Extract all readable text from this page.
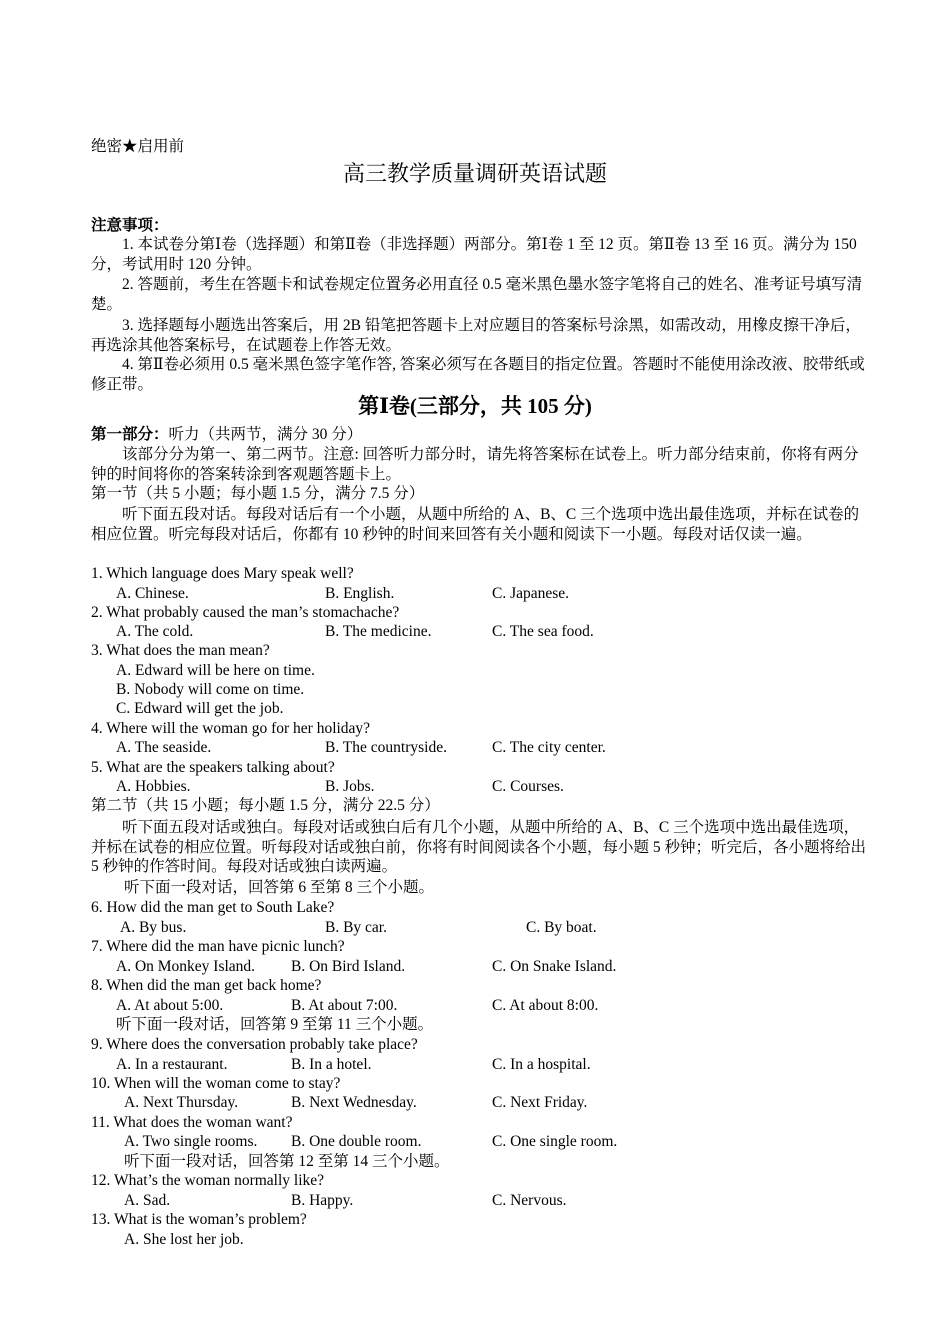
绝密★启用前
高三教学质量调研英语试题
注意事项：
1. 本试卷分第Ⅰ卷（选择题）和第Ⅱ卷（非选择题）两部分。第Ⅰ卷 1 至 12 页。第Ⅱ卷 13 至 16 页。满分为 150 分，考试用时 120 分钟。
2. 答题前，考生在答题卡和试卷规定位置务必用直径 0.5 毫米黑色墨水签字笔将自己的姓名、准考证号填写清楚。
3. 选择题每小题选出答案后，用 2B 铅笔把答题卡上对应题目的答案标号涂黑，如需改动，用橡皮擦干净后，再选涂其他答案标号，在试题卷上作答无效。
4. 第Ⅱ卷必须用 0.5 毫米黑色签字笔作答, 答案必须写在各题目的指定位置。答题时不能使用涂改液、胶带纸或修正带。
第Ⅰ卷(三部分，共 105 分)
第一部分：听力（共两节，满分 30 分）
该部分分为第一、第二两节。注意: 回答听力部分时，请先将答案标在试卷上。听力部分结束前，你将有两分钟的时间将你的答案转涂到客观题答题卡上。
第一节（共 5 小题；每小题 1.5 分，满分 7.5 分）
听下面五段对话。每段对话后有一个小题，从题中所给的 A、B、C 三个选项中选出最佳选项，并标在试卷的相应位置。听完每段对话后，你都有 10 秒钟的时间来回答有关小题和阅读下一小题。每段对话仅读一遍。
1. Which language does Mary speak well?
A. Chinese.	B. English.	C. Japanese.
2. What probably caused the man’s stomachache?
A. The cold.	B. The medicine.	C. The sea food.
3. What does the man mean?
A. Edward will be here on time.
B. Nobody will come on time.
C. Edward will get the job.
4. Where will the woman go for her holiday?
A. The seaside.	B. The countryside.	C. The city center.
5. What are the speakers talking about?
A. Hobbies.	B. Jobs.	C. Courses.
第二节（共 15 小题；每小题 1.5 分，满分 22.5 分）
听下面五段对话或独白。每段对话或独白后有几个小题，从题中所给的 A、B、C 三个选项中选出最佳选项，并标在试卷的相应位置。听每段对话或独白前，你将有时间阅读各个小题，每小题 5 秒钟；听完后，各小题将给出 5 秒钟的作答时间。每段对话或独白读两遍。
听下面一段对话，回答第 6 至第 8 三个小题。
6. How did the man get to South Lake?
A. By bus.	B. By car.	C. By boat.
7. Where did the man have picnic lunch?
A. On Monkey Island. B. On Bird Island.	C. On Snake Island.
8. When did the man get back home?
A. At about 5:00.	B. At about 7:00.	C. At about 8:00.
听下面一段对话，回答第 9 至第 11 三个小题。
9. Where does the conversation probably take place?
A. In a restaurant.	B. In a hotel.	C. In a hospital.
10. When will the woman come to stay?
A. Next Thursday.	B. Next Wednesday.	C. Next Friday.
11. What does the woman want?
A. Two single rooms. B. One double room.	C. One single room.
听下面一段对话，回答第 12 至第 14 三个小题。
12. What’s the woman normally like?
A. Sad.	B. Happy.	C. Nervous.
13. What is the woman’s problem?
A. She lost her job.
